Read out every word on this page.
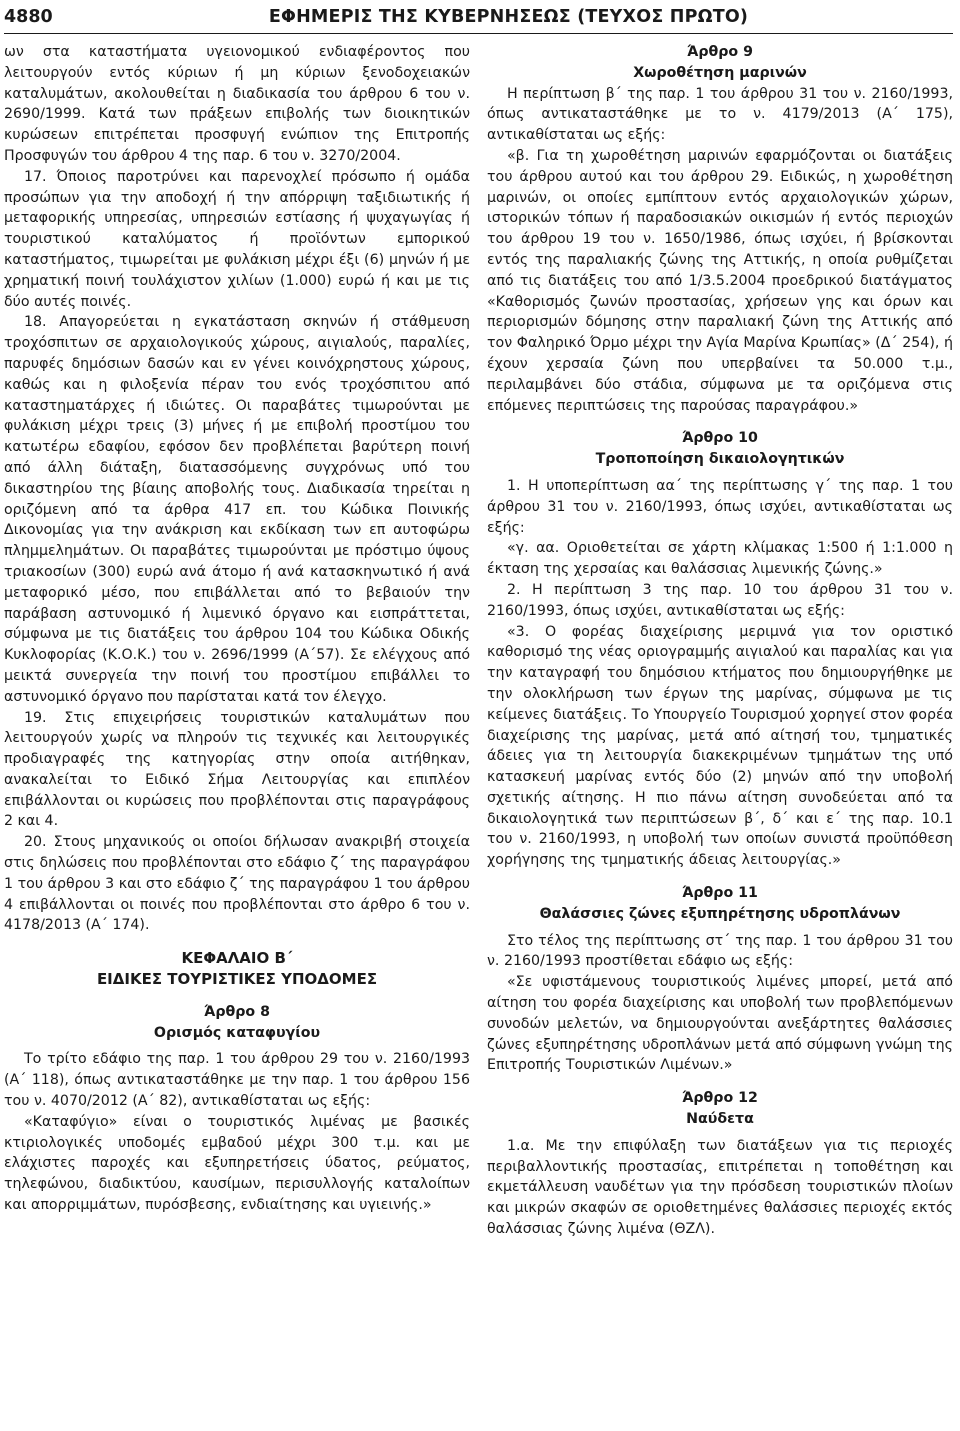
4880	ΕΦΗΜΕΡΙΣ ΤΗΣ ΚΥΒΕΡΝΗΣΕΩΣ (ΤΕΥΧΟΣ ΠΡΩΤΟ)

ων στα καταστήματα υγειονομικού ενδιαφέροντος που λειτουργούν εντός κύριων ή μη κύριων ξενοδοχειακών καταλυμάτων, ακολουθείται η διαδικασία του άρθρου 6 του ν. 2690/1999. Κατά των πράξεων επιβολής των διοικητικών κυρώσεων επιτρέπεται προσφυγή ενώπιον της Επιτροπής Προσφυγών του άρθρου 4 της παρ. 6 του ν. 3270/2004.

17. Όποιος παροτρύνει και παρενοχλεί πρόσωπο ή ομάδα προσώπων για την αποδοχή ή την απόρριψη ταξιδιωτικής ή μεταφορικής υπηρεσίας, υπηρεσιών εστίασης ή ψυχαγωγίας ή τουριστικού καταλύματος ή προϊόντων εμπορικού καταστήματος, τιμωρείται με φυλάκιση μέχρι έξι (6) μηνών ή με χρηματική ποινή τουλάχιστον χιλίων (1.000) ευρώ ή και με τις δύο αυτές ποινές.

18. Απαγορεύεται η εγκατάσταση σκηνών ή στάθμευση τροχόσπιτων σε αρχαιολογικούς χώρους, αιγιαλούς, παραλίες, παρυφές δημόσιων δασών και εν γένει κοινόχρηστους χώρους, καθώς και η φιλοξενία πέραν του ενός τροχόσπιτου από καταστηματάρχες ή ιδιώτες. Οι παραβάτες τιμωρούνται με φυλάκιση μέχρι τρεις (3) μήνες ή με επιβολή προστίμου του κατωτέρω εδαφίου, εφόσον δεν προβλέπεται βαρύτερη ποινή από άλλη διάταξη, διατασσόμενης συγχρόνως υπό του δικαστηρίου της βίαιης αποβολής τους. Διαδικασία τηρείται η οριζόμενη από τα άρθρα 417 επ. του Κώδικα Ποινικής Δικονομίας για την ανάκριση και εκδίκαση των επ αυτοφώρω πλημμελημάτων. Οι παραβάτες τιμωρούνται με πρόστιμο ύψους τριακοσίων (300) ευρώ ανά άτομο ή ανά κατασκηνωτικό ή ανά μεταφορικό μέσο, που επιβάλλεται από το βεβαιούν την παράβαση αστυνομικό ή λιμενικό όργανο και εισπράττεται, σύμφωνα με τις διατάξεις του άρθρου 104 του Κώδικα Οδικής Κυκλοφορίας (Κ.Ο.Κ.) του ν. 2696/1999 (Α΄57). Σε ελέγχους από μεικτά συνεργεία την ποινή του προστίμου επιβάλλει το αστυνομικό όργανο που παρίσταται κατά τον έλεγχο.

19. Στις επιχειρήσεις τουριστικών καταλυμάτων που λειτουργούν χωρίς να πληρούν τις τεχνικές και λειτουργικές προδιαγραφές της κατηγορίας στην οποία αιτήθηκαν, ανακαλείται το Ειδικό Σήμα Λειτουργίας και επιπλέον επιβάλλονται οι κυρώσεις που προβλέπονται στις παραγράφους 2 και 4.

20. Στους μηχανικούς οι οποίοι δήλωσαν ανακριβή στοιχεία στις δηλώσεις που προβλέπονται στο εδάφιο ζ΄ της παραγράφου 1 του άρθρου 3 και στο εδάφιο ζ΄ της παραγράφου 1 του άρθρου 4 επιβάλλονται οι ποινές που προβλέπονται στο άρθρο 6 του ν. 4178/2013 (Α΄ 174).

ΚΕΦΑΛΑΙΟ Β΄

ΕΙΔΙΚΕΣ ΤΟΥΡΙΣΤΙΚΕΣ ΥΠΟΔΟΜΕΣ

Άρθρο 8

Ορισμός καταφυγίου

Το τρίτο εδάφιο της παρ. 1 του άρθρου 29 του ν. 2160/1993 (Α΄ 118), όπως αντικαταστάθηκε με την παρ. 1 του άρθρου 156 του ν. 4070/2012 (Α΄ 82), αντικαθίσταται ως εξής:

«Καταφύγιο» είναι ο τουριστικός λιμένας με βασικές κτιριολογικές υποδομές εμβαδού μέχρι 300 τ.μ. και με ελάχιστες παροχές και εξυπηρετήσεις ύδατος, ρεύματος, τηλεφώνου, διαδικτύου, καυσίμων, περισυλλογής καταλοίπων και απορριμμάτων, πυρόσβεσης, ενδιαίτησης και υγιεινής.»

Άρθρο 9

Χωροθέτηση μαρινών

Η περίπτωση β΄ της παρ. 1 του άρθρου 31 του ν. 2160/1993, όπως αντικαταστάθηκε με το ν. 4179/2013 (Α΄ 175), αντικαθίσταται ως εξής:

«β. Για τη χωροθέτηση μαρινών εφαρμόζονται οι διατάξεις του άρθρου αυτού και του άρθρου 29. Ειδικώς, η χωροθέτηση μαρινών, οι οποίες εμπίπτουν εντός αρχαιολογικών χώρων, ιστορικών τόπων ή παραδοσιακών οικισμών ή εντός περιοχών του άρθρου 19 του ν. 1650/1986, όπως ισχύει, ή βρίσκονται εντός της παραλιακής ζώνης της Αττικής, η οποία ρυθμίζεται από τις διατάξεις του από 1/3.5.2004 προεδρικού διατάγματος «Καθορισμός ζωνών προστασίας, χρήσεων γης και όρων και περιορισμών δόμησης στην παραλιακή ζώνη της Αττικής από τον Φαληρικό Όρμο μέχρι την Αγία Μαρίνα Κρωπίας» (Δ΄ 254), ή έχουν χερσαία ζώνη που υπερβαίνει τα 50.000 τ.μ., περιλαμβάνει δύο στάδια, σύμφωνα με τα οριζόμενα στις επόμενες περιπτώσεις της παρούσας παραγράφου.»

Άρθρο 10

Τροποποίηση δικαιολογητικών

1. Η υποπερίπτωση αα΄ της περίπτωσης γ΄ της παρ. 1 του άρθρου 31 του ν. 2160/1993, όπως ισχύει, αντικαθίσταται ως εξής:

«γ. αα. Οριοθετείται σε χάρτη κλίμακας 1:500 ή 1:1.000 η έκταση της χερσαίας και θαλάσσιας λιμενικής ζώνης.»

2. Η περίπτωση 3 της παρ. 10 του άρθρου 31 του ν. 2160/1993, όπως ισχύει, αντικαθίσταται ως εξής:

«3. Ο φορέας διαχείρισης μεριμνά για τον οριστικό καθορισμό της νέας οριογραμμής αιγιαλού και παραλίας και για την καταγραφή του δημόσιου κτήματος που δημιουργήθηκε με την ολοκλήρωση των έργων της μαρίνας, σύμφωνα με τις κείμενες διατάξεις. Το Υπουργείο Τουρισμού χορηγεί στον φορέα διαχείρισης της μαρίνας, μετά από αίτησή του, τμηματικές άδειες για τη λειτουργία διακεκριμένων τμημάτων της υπό κατασκευή μαρίνας εντός δύο (2) μηνών από την υποβολή σχετικής αίτησης. Η πιο πάνω αίτηση συνοδεύεται από τα δικαιολογητικά των περιπτώσεων β΄, δ΄ και ε΄ της παρ. 10.1 του ν. 2160/1993, η υποβολή των οποίων συνιστά προϋπόθεση χορήγησης της τμηματικής άδειας λειτουργίας.»

Άρθρο 11

Θαλάσσιες ζώνες εξυπηρέτησης υδροπλάνων

Στο τέλος της περίπτωσης στ΄ της παρ. 1 του άρθρου 31 του ν. 2160/1993 προστίθεται εδάφιο ως εξής:

«Σε υφιστάμενους τουριστικούς λιμένες μπορεί, μετά από αίτηση του φορέα διαχείρισης και υποβολή των προβλεπόμενων συνοδών μελετών, να δημιουργούνται ανεξάρτητες θαλάσσιες ζώνες εξυπηρέτησης υδροπλάνων μετά από σύμφωνη γνώμη της Επιτροπής Τουριστικών Λιμένων.»

Άρθρο 12

Ναύδετα

1.α. Με την επιφύλαξη των διατάξεων για τις περιοχές περιβαλλοντικής προστασίας, επιτρέπεται η τοποθέτηση και εκμετάλλευση ναυδέτων για την πρόσδεση τουριστικών πλοίων και μικρών σκαφών σε οριοθετημένες θαλάσσιες περιοχές εκτός θαλάσσιας ζώνης λιμένα (ΘΖΛ).
